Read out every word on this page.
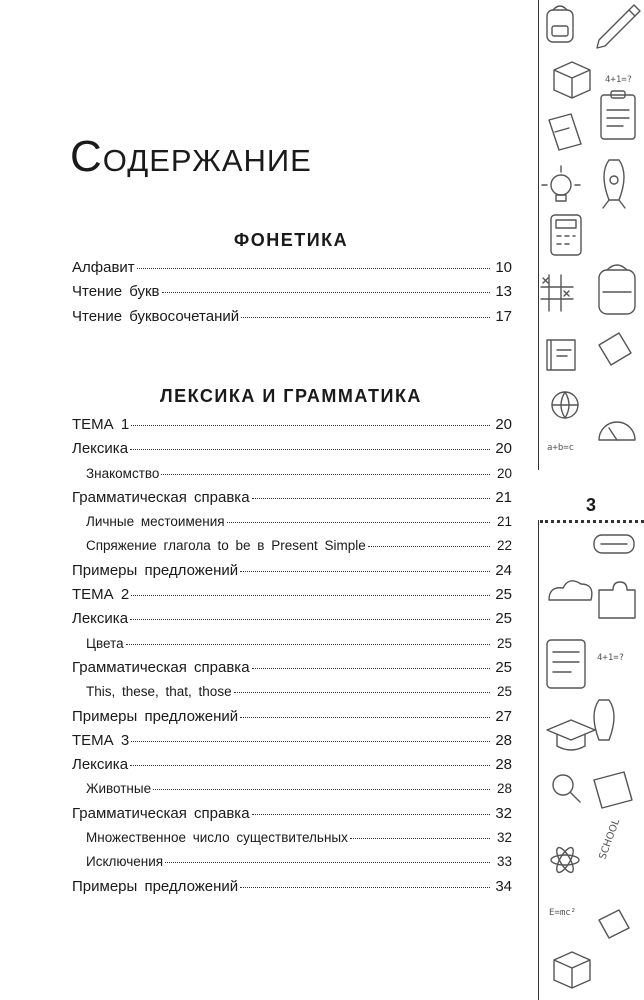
Содержание
ФОНЕТИКА
Алфавит	10
Чтение букв	13
Чтение буквосочетаний	17
ЛЕКСИКА И ГРАММАТИКА
ТЕМА 1	20
Лексика	20
Знакомство	20
Грамматическая справка	21
Личные местоимения	21
Спряжение глагола to be в Present Simple	22
Примеры предложений	24
ТЕМА 2	25
Лексика	25
Цвета	25
Грамматическая справка	25
This, these, that, those	25
Примеры предложений	27
ТЕМА 3	28
Лексика	28
Животные	28
Грамматическая справка	32
Множественное число существительных	32
Исключения	33
Примеры предложений	34
4+1=?
a+b=c
4+1=?
SCHOOL
E=mc²
3
